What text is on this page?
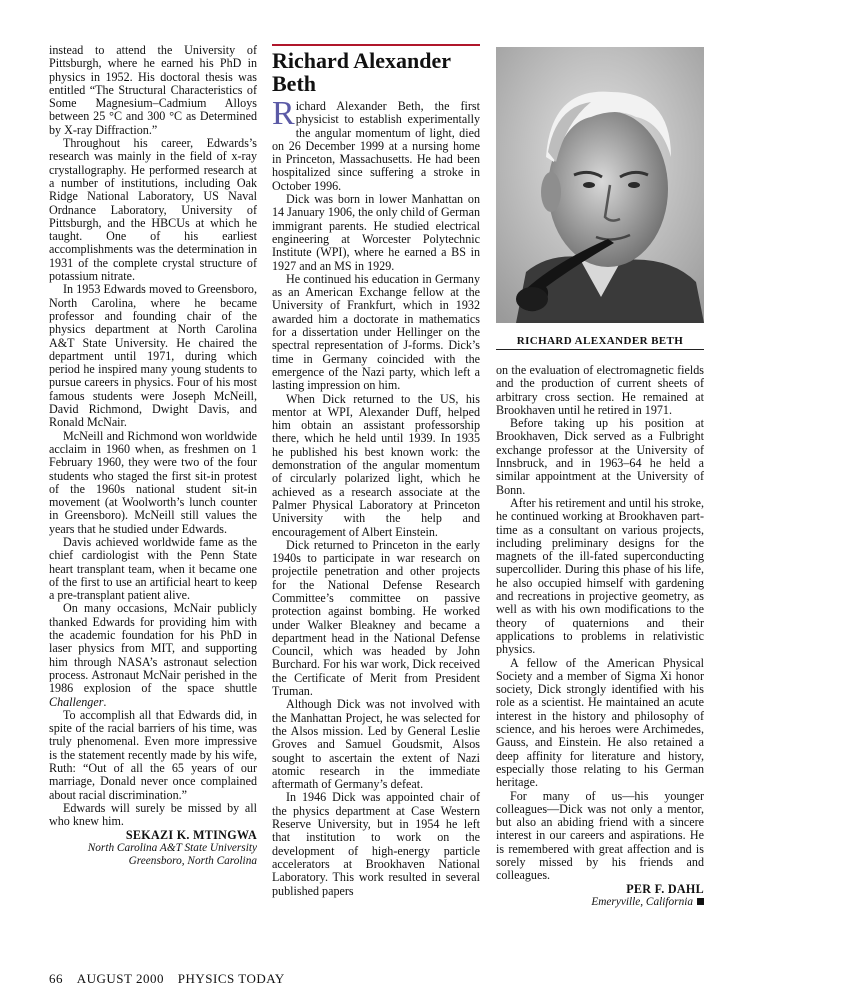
instead to attend the University of Pittsburgh, where he earned his PhD in physics in 1952. His doctoral thesis was entitled “The Structural Characteristics of Some Magnesium–Cadmium Alloys between 25 °C and 300 °C as Determined by X-ray Diffraction.”

Throughout his career, Edwards’s research was mainly in the field of x-ray crystallography. He performed research at a number of institutions, including Oak Ridge National Laboratory, US Naval Ordnance Laboratory, University of Pittsburgh, and the HBCUs at which he taught. One of his earliest accomplishments was the determination in 1931 of the complete crystal structure of potassium nitrate.

In 1953 Edwards moved to Greensboro, North Carolina, where he became professor and founding chair of the physics department at North Carolina A&T State University. He chaired the department until 1971, during which period he inspired many young students to pursue careers in physics. Four of his most famous students were Joseph McNeill, David Richmond, Dwight Davis, and Ronald McNair.

McNeill and Richmond won worldwide acclaim in 1960 when, as freshmen on 1 February 1960, they were two of the four students who staged the first sit-in protest of the 1960s national student sit-in movement (at Woolworth’s lunch counter in Greensboro). McNeill still values the years that he studied under Edwards.

Davis achieved worldwide fame as the chief cardiologist with the Penn State heart transplant team, when it became one of the first to use an artificial heart to keep a pre-transplant patient alive.

On many occasions, McNair publicly thanked Edwards for providing him with the academic foundation for his PhD in laser physics from MIT, and supporting him through NASA’s astronaut selection process. Astronaut McNair perished in the 1986 explosion of the space shuttle Challenger.

To accomplish all that Edwards did, in spite of the racial barriers of his time, was truly phenomenal. Even more impressive is the statement recently made by his wife, Ruth: “Out of all the 65 years of our marriage, Donald never once complained about racial discrimination.”

Edwards will surely be missed by all who knew him.

SEKAZI K. MTINGWA

North Carolina A&T State University

Greensboro, North Carolina

Richard Alexander Beth

Richard Alexander Beth, the first physicist to establish experimentally the angular momentum of light, died on 26 December 1999 at a nursing home in Princeton, Massachusetts. He had been hospitalized since suffering a stroke in October 1996.

Dick was born in lower Manhattan on 14 January 1906, the only child of German immigrant parents. He studied electrical engineering at Worcester Polytechnic Institute (WPI), where he earned a BS in 1927 and an MS in 1929.

He continued his education in Germany as an American Exchange fellow at the University of Frankfurt, which in 1932 awarded him a doctorate in mathematics for a dissertation under Hellinger on the spectral representation of J-forms. Dick’s time in Germany coincided with the emergence of the Nazi party, which left a lasting impression on him.

When Dick returned to the US, his mentor at WPI, Alexander Duff, helped him obtain an assistant professorship there, which he held until 1939. In 1935 he published his best known work: the demonstration of the angular momentum of circularly polarized light, which he achieved as a research associate at the Palmer Physical Laboratory at Princeton University with the help and encouragement of Albert Einstein.

Dick returned to Princeton in the early 1940s to participate in war research on projectile penetration and other projects for the National Defense Research Committee’s committee on passive protection against bombing. He worked under Walker Bleakney and became a department head in the National Defense Council, which was headed by John Burchard. For his war work, Dick received the Certificate of Merit from President Truman.

Although Dick was not involved with the Manhattan Project, he was selected for the Alsos mission. Led by General Leslie Groves and Samuel Goudsmit, Alsos sought to ascertain the extent of Nazi atomic research in the immediate aftermath of Germany’s defeat.

In 1946 Dick was appointed chair of the physics department at Case Western Reserve University, but in 1954 he left that institution to work on the development of high-energy particle accelerators at Brookhaven National Laboratory. This work resulted in several published papers

RICHARD ALEXANDER BETH

on the evaluation of electromagnetic fields and the production of current sheets of arbitrary cross section. He remained at Brookhaven until he retired in 1971.

Before taking up his position at Brookhaven, Dick served as a Fulbright exchange professor at the University of Innsbruck, and in 1963–64 he held a similar appointment at the University of Bonn.

After his retirement and until his stroke, he continued working at Brookhaven part-time as a consultant on various projects, including preliminary designs for the magnets of the ill-fated superconducting supercollider. During this phase of his life, he also occupied himself with gardening and recreations in projective geometry, as well as with his own modifications to the theory of quaternions and their applications to problems in relativistic physics.

A fellow of the American Physical Society and a member of Sigma Xi honor society, Dick strongly identified with his role as a scientist. He maintained an acute interest in the history and philosophy of science, and his heroes were Archimedes, Gauss, and Einstein. He also retained a deep affinity for literature and history, especially those relating to his German heritage.

For many of us—his younger colleagues—Dick was not only a mentor, but also an abiding friend with a sincere interest in our careers and aspirations. He is remembered with great affection and is sorely missed by his friends and colleagues.

PER F. DAHL

Emeryville, California

66 AUGUST 2000 PHYSICS TODAY
